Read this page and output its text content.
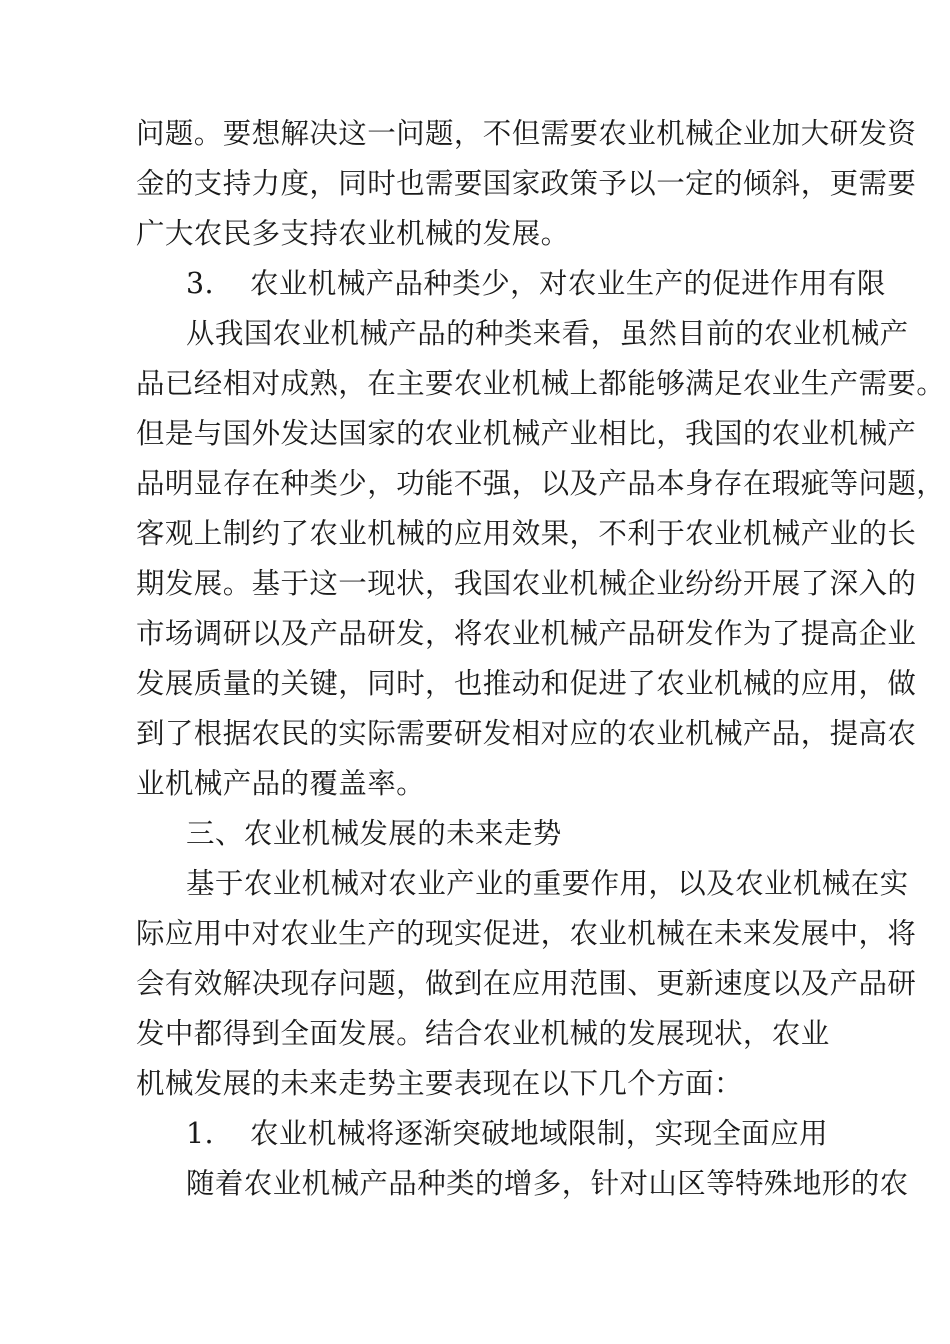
问题。要想解决这一问题，不但需要农业机械企业加大研发资
金的支持力度，同时也需要国家政策予以一定的倾斜，更需要
广大农民多支持农业机械的发展。
3. 农业机械产品种类少，对农业生产的促进作用有限
从我国农业机械产品的种类来看，虽然目前的农业机械产
品已经相对成熟，在主要农业机械上都能够满足农业生产需要。
但是与国外发达国家的农业机械产业相比，我国的农业机械产
品明显存在种类少，功能不强，以及产品本身存在瑕疵等问题，
客观上制约了农业机械的应用效果，不利于农业机械产业的长
期发展。基于这一现状，我国农业机械企业纷纷开展了深入的
市场调研以及产品研发，将农业机械产品研发作为了提高企业
发展质量的关键，同时，也推动和促进了农业机械的应用，做
到了根据农民的实际需要研发相对应的农业机械产品，提高农
业机械产品的覆盖率。
三、农业机械发展的未来走势
基于农业机械对农业产业的重要作用，以及农业机械在实
际应用中对农业生产的现实促进，农业机械在未来发展中，将
会有效解决现存问题，做到在应用范围、更新速度以及产品研
发中都得到全面发展。结合农业机械的发展现状，农业
机械发展的未来走势主要表现在以下几个方面：
1. 农业机械将逐渐突破地域限制，实现全面应用
随着农业机械产品种类的增多，针对山区等特殊地形的农
